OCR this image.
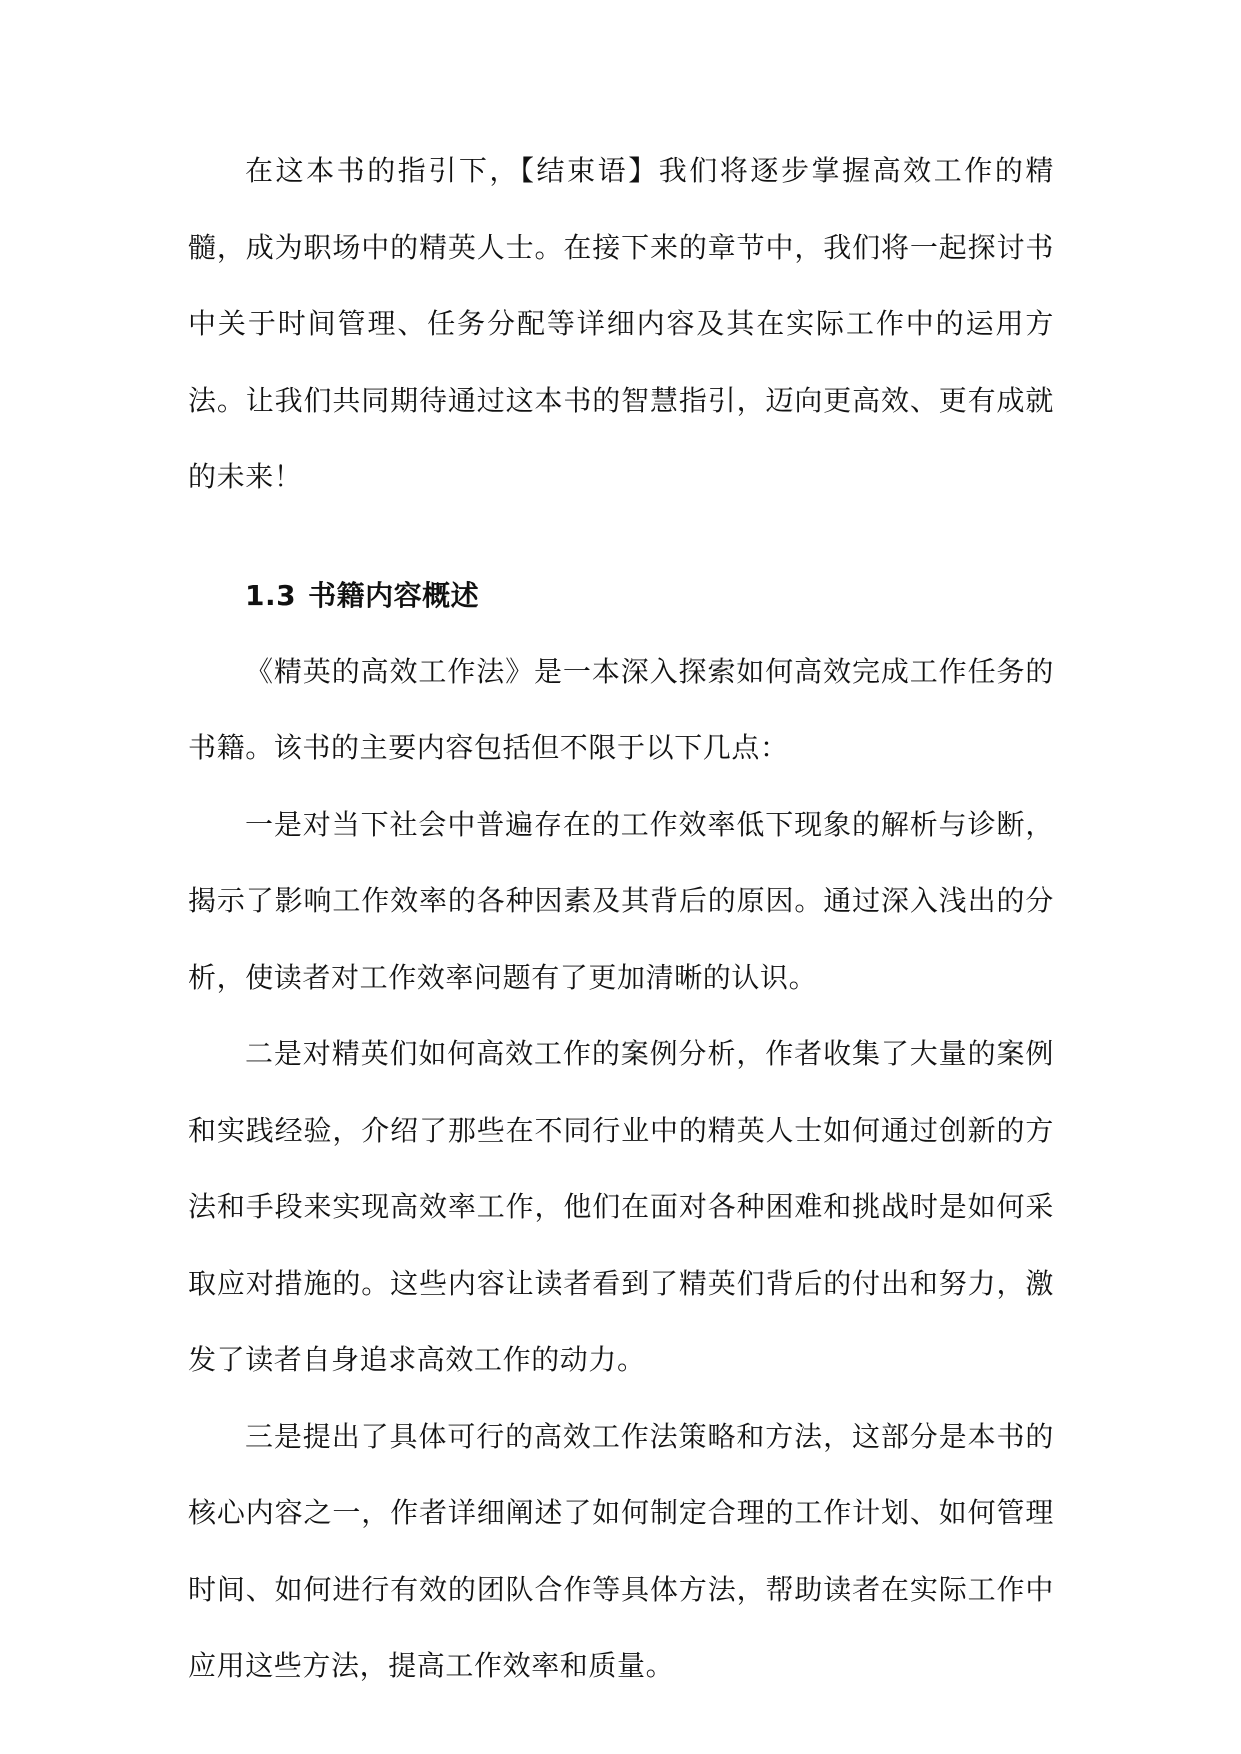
在这本书的指引下，【结束语】我们将逐步掌握高效工作的精髓，成为职场中的精英人士。在接下来的章节中，我们将一起探讨书中关于时间管理、任务分配等详细内容及其在实际工作中的运用方法。让我们共同期待通过这本书的智慧指引，迈向更高效、更有成就的未来！

1.3 书籍内容概述

《精英的高效工作法》是一本深入探索如何高效完成工作任务的书籍。该书的主要内容包括但不限于以下几点：

一是对当下社会中普遍存在的工作效率低下现象的解析与诊断，揭示了影响工作效率的各种因素及其背后的原因。通过深入浅出的分析，使读者对工作效率问题有了更加清晰的认识。

二是对精英们如何高效工作的案例分析，作者收集了大量的案例和实践经验，介绍了那些在不同行业中的精英人士如何通过创新的方法和手段来实现高效率工作，他们在面对各种困难和挑战时是如何采取应对措施的。这些内容让读者看到了精英们背后的付出和努力，激发了读者自身追求高效工作的动力。

三是提出了具体可行的高效工作法策略和方法，这部分是本书的核心内容之一，作者详细阐述了如何制定合理的工作计划、如何管理时间、如何进行有效的团队合作等具体方法，帮助读者在实际工作中应用这些方法，提高工作效率和质量。
